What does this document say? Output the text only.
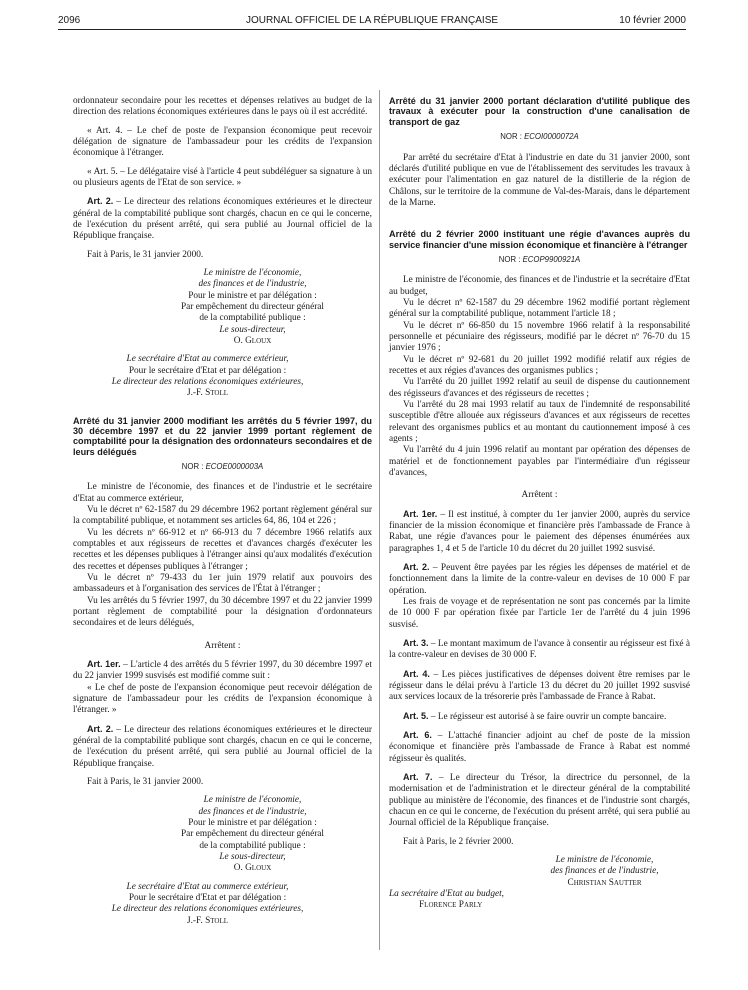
2096	JOURNAL OFFICIEL DE LA RÉPUBLIQUE FRANÇAISE	10 février 2000

ordonnateur secondaire pour les recettes et dépenses relatives au budget de la direction des relations économiques extérieures dans le pays où il est accrédité.

« Art. 4. – Le chef de poste de l'expansion économique peut recevoir délégation de signature de l'ambassadeur pour les crédits de l'expansion économique à l'étranger.

« Art. 5. – Le délégataire visé à l'article 4 peut subdéléguer sa signature à un ou plusieurs agents de l'Etat de son service. »

Art. 2. – Le directeur des relations économiques extérieures et le directeur général de la comptabilité publique sont chargés, chacun en ce qui le concerne, de l'exécution du présent arrêté, qui sera publié au Journal officiel de la République française.

Fait à Paris, le 31 janvier 2000.

Le ministre de l'économie,
des finances et de l'industrie,
Pour le ministre et par délégation :
Par empêchement du directeur général
de la comptabilité publique :
Le sous-directeur,
O. Gloux
Le secrétaire d'Etat au commerce extérieur,
Pour le secrétaire d'Etat et par délégation :
Le directeur des relations économiques extérieures,
J.-F. Stoll

Arrêté du 31 janvier 2000 modifiant les arrêtés du 5 février 1997, du 30 décembre 1997 et du 22 janvier 1999 portant règlement de comptabilité pour la désignation des ordonnateurs secondaires et de leurs délégués

NOR : ECOE0000003A

Le ministre de l'économie, des finances et de l'industrie et le secrétaire d'Etat au commerce extérieur,

Vu le décret nº 62-1587 du 29 décembre 1962 portant règlement général sur la comptabilité publique, et notamment ses articles 64, 86, 104 et 226 ;

Vu les décrets nº 66-912 et nº 66-913 du 7 décembre 1966 relatifs aux comptables et aux régisseurs de recettes et d'avances chargés d'exécuter les recettes et les dépenses publiques à l'étranger ainsi qu'aux modalités d'exécution des recettes et dépenses publiques à l'étranger ;

Vu le décret nº 79-433 du 1er juin 1979 relatif aux pouvoirs des ambassadeurs et à l'organisation des services de l'État à l'étranger ;

Vu les arrêtés du 5 février 1997, du 30 décembre 1997 et du 22 janvier 1999 portant règlement de comptabilité pour la désignation d'ordonnateurs secondaires et de leurs délégués,

Arrêtent :

Art. 1er. – L'article 4 des arrêtés du 5 février 1997, du 30 décembre 1997 et du 22 janvier 1999 susvisés est modifié comme suit :

« Le chef de poste de l'expansion économique peut recevoir délégation de signature de l'ambassadeur pour les crédits de l'expansion économique à l'étranger. »

Art. 2. – Le directeur des relations économiques extérieures et le directeur général de la comptabilité publique sont chargés, chacun en ce qui le concerne, de l'exécution du présent arrêté, qui sera publié au Journal officiel de la République française.

Fait à Paris, le 31 janvier 2000.

Le ministre de l'économie,
des finances et de l'industrie,
Pour le ministre et par délégation :
Par empêchement du directeur général
de la comptabilité publique :
Le sous-directeur,
O. Gloux
Le secrétaire d'Etat au commerce extérieur,
Pour le secrétaire d'Etat et par délégation :
Le directeur des relations économiques extérieures,
J.-F. Stoll

Arrêté du 31 janvier 2000 portant déclaration d'utilité publique des travaux à exécuter pour la construction d'une canalisation de transport de gaz

NOR : ECOI0000072A

Par arrêté du secrétaire d'Etat à l'industrie en date du 31 janvier 2000, sont déclarés d'utilité publique en vue de l'établissement des servitudes les travaux à exécuter pour l'alimentation en gaz naturel de la distillerie de la région de Châlons, sur le territoire de la commune de Val-des-Marais, dans le département de la Marne.

Arrêté du 2 février 2000 instituant une régie d'avances auprès du service financier d'une mission économique et financière à l'étranger

NOR : ECOP9900921A

Le ministre de l'économie, des finances et de l'industrie et la secrétaire d'Etat au budget,

Vu le décret nº 62-1587 du 29 décembre 1962 modifié portant règlement général sur la comptabilité publique, notamment l'article 18 ;

Vu le décret nº 66-850 du 15 novembre 1966 relatif à la responsabilité personnelle et pécuniaire des régisseurs, modifié par le décret nº 76-70 du 15 janvier 1976 ;

Vu le décret nº 92-681 du 20 juillet 1992 modifié relatif aux régies de recettes et aux régies d'avances des organismes publics ;

Vu l'arrêté du 20 juillet 1992 relatif au seuil de dispense du cautionnement des régisseurs d'avances et des régisseurs de recettes ;

Vu l'arrêté du 28 mai 1993 relatif au taux de l'indemnité de responsabilité susceptible d'être allouée aux régisseurs d'avances et aux régisseurs de recettes relevant des organismes publics et au montant du cautionnement imposé à ces agents ;

Vu l'arrêté du 4 juin 1996 relatif au montant par opération des dépenses de matériel et de fonctionnement payables par l'intermédiaire d'un régisseur d'avances,

Arrêtent :

Art. 1er. – Il est institué, à compter du 1er janvier 2000, auprès du service financier de la mission économique et financière près l'ambassade de France à Rabat, une régie d'avances pour le paiement des dépenses énumérées aux paragraphes 1, 4 et 5 de l'article 10 du décret du 20 juillet 1992 susvisé.

Art. 2. – Peuvent être payées par les régies les dépenses de matériel et de fonctionnement dans la limite de la contre-valeur en devises de 10 000 F par opération.

Les frais de voyage et de représentation ne sont pas concernés par la limite de 10 000 F par opération fixée par l'article 1er de l'arrêté du 4 juin 1996 susvisé.

Art. 3. – Le montant maximum de l'avance à consentir au régisseur est fixé à la contre-valeur en devises de 30 000 F.

Art. 4. – Les pièces justificatives de dépenses doivent être remises par le régisseur dans le délai prévu à l'article 13 du décret du 20 juillet 1992 susvisé aux services locaux de la trésorerie près l'ambassade de France à Rabat.

Art. 5. – Le régisseur est autorisé à se faire ouvrir un compte bancaire.

Art. 6. – L'attaché financier adjoint au chef de poste de la mission économique et financière près l'ambassade de France à Rabat est nommé régisseur ès qualités.

Art. 7. – Le directeur du Trésor, la directrice du personnel, de la modernisation et de l'administration et le directeur général de la comptabilité publique au ministère de l'économie, des finances et de l'industrie sont chargés, chacun en ce qui le concerne, de l'exécution du présent arrêté, qui sera publié au Journal officiel de la République française.

Fait à Paris, le 2 février 2000.

Le ministre de l'économie,
des finances et de l'industrie,
Christian Sautter
La secrétaire d'Etat au budget,
Florence Parly
